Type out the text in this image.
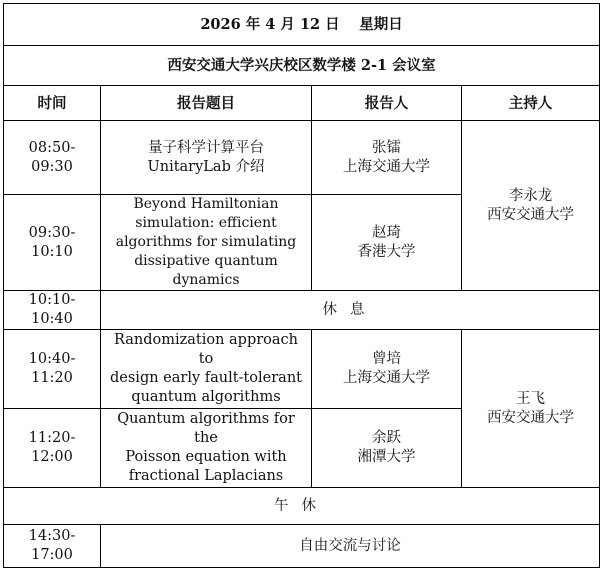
2026 年 4 月 12 日　 星期日			
西安交通大学兴庆校区数学楼 2-1 会议室			
时间	报告题目	报告人	主持人
08:50-09:30	量子科学计算平台
UnitaryLab 介绍	张镭
上海交通大学	李永龙
西安交通大学

09:30-10:10	Beyond Hamiltonian
simulation: efficient
algorithms for simulating
dissipative quantum dynamics	赵琦
香港大学	

10:10-10:40	休息		
10:40-11:20	Randomization approach to
design early fault-tolerant
quantum algorithms	曾培
上海交通大学	王飞
西安交通大学

11:20-12:00	Quantum algorithms for the
Poisson equation with
fractional Laplacians	余跃
湘潭大学	

午休			
14:30-17:00	自由交流与讨论		
